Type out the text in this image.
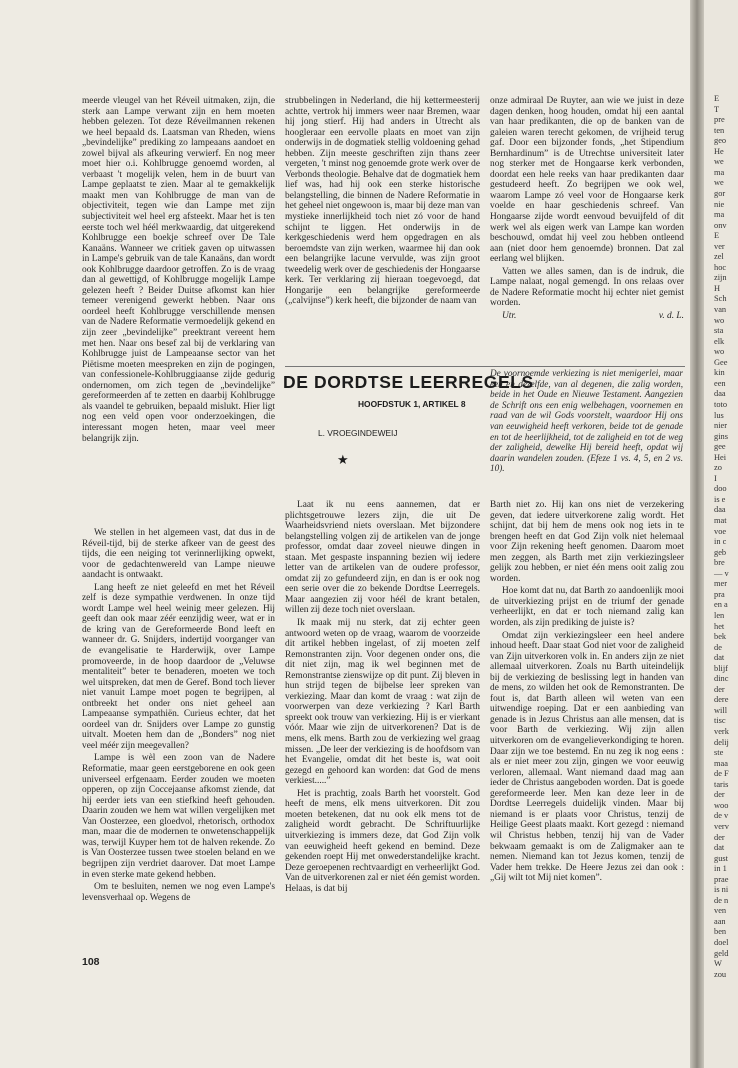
meerde vleugel van het Réveil uitmaken, zijn, die sterk aan Lampe verwant zijn en hem moeten hebben gelezen. Tot deze Réveilmannen rekenen we heel bepaald ds. Laatsman van Rheden, wiens „bevindelijke” prediking zo lampeaans aandoet en zowel bijval als afkeuring verwierf. En nog meer moet hier o.i. Kohlbrugge genoemd worden, al verbaast 't mogelijk velen, hem in de buurt van Lampe geplaatst te zien. Maar al te gemakkelijk maakt men van Kohlbrugge de man van de objectiviteit, tegen wie dan Lampe met zijn subjectiviteit wel heel erg afsteekt. Maar het is ten eerste toch wel héél merkwaardig, dat uitgerekend Kohlbrugge een boekje schreef over De Tale Kanaäns. Wanneer we critiek gaven op uitwassen in Lampe's gebruik van de tale Kanaäns, dan wordt ook Kohlbrugge daardoor getroffen. Zo is de vraag dan al gewettigd, of Kohlbrugge mogelijk Lampe gelezen heeft ? Beider Duitse afkomst kan hier temeer verenigend gewerkt hebben. Naar ons oordeel heeft Kohlbrugge verschillende mensen van de Nadere Reformatie vermoedelijk gekend en zijn zeer „bevindelijke” preektrant vereent hem met hen. Naar ons besef zal bij de verklaring van Kohlbrugge juist de Lampeaanse sector van het Piëtisme moeten meespreken en zijn de pogingen, van confessionele-Kohlbruggiaanse zijde gedurig ondernomen, om zich tegen de „bevindelijke” gereformeerden af te zetten en daarbij Kohlbrugge als vaandel te gebruiken, bepaald mislukt. Hier ligt nog een veld open voor onderzoekingen, die interessant mogen heten, maar veel meer belangrijk zijn.

We stellen in het algemeen vast, dat dus in de Réveil-tijd, bij de sterke afkeer van de geest des tijds, die een neiging tot verinnerlijking opwekt, voor de gedachtenwereld van Lampe nieuwe aandacht is ontwaakt.

Lang heeft ze niet geleefd en met het Réveil zelf is deze sympathie verdwenen. In onze tijd wordt Lampe wel heel weinig meer gelezen. Hij geeft dan ook maar zéér eenzijdig weer, wat er in de kring van de Gereformeerde Bond leeft en wanneer dr. G. Snijders, indertijd voorganger van de evangelisatie te Harderwijk, over Lampe promoveerde, in de hoop daardoor de „Veluwse mentaliteit” beter te benaderen, moeten we toch wel uitspreken, dat men de Geref. Bond toch liever niet vanuit Lampe moet pogen te begrijpen, al ontbreekt het onder ons niet geheel aan Lampeaanse sympathiën. Curieus echter, dat het oordeel van dr. Snijders over Lampe zo gunstig uitvalt. Moeten hem dan de „Bonders” nog niet veel méér zijn meegevallen?

Lampe is wèl een zoon van de Nadere Reformatie, maar geen eerstgeborene en ook geen universeel erfgenaam. Eerder zouden we moeten opperen, op zijn Coccejaanse afkomst ziende, dat hij eerder iets van een stiefkind heeft gehouden. Daarin zouden we hem wat willen vergelijken met Van Oosterzee, een gloedvol, rhetorisch, orthodox man, maar die de modernen te onwetenschappelijk was, terwijl Kuyper hem tot de halven rekende. Zo is Van Oosterzee tussen twee stoelen beland en we begrijpen zijn verdriet daarover. Dat moet Lampe in even sterke mate gekend hebben.

Om te besluiten, nemen we nog even Lampe's levensverhaal op. Wegens de

strubbelingen in Nederland, die hij kettermeesterij achtte, vertrok hij immers weer naar Bremen, waar hij jong stierf. Hij had anders in Utrecht als hoogleraar een eervolle plaats en moet van zijn onderwijs in de dogmatiek stellig voldoening gehad hebben. Zijn meeste geschriften zijn thans zeer vergeten, 't minst nog genoemde grote werk over de Verbonds theologie. Behalve dat de dogmatiek hem lief was, had hij ook een sterke historische belangstelling, die binnen de Nadere Reformatie in het geheel niet ongewoon is, maar bij deze man van mystieke innerlijkheid toch niet zó voor de hand schijnt te liggen. Het onderwijs in de kerkgeschiedenis werd hem opgedragen en als beroemdste van zijn werken, waarmee hij dan ook een belangrijke lacune vervulde, was zijn groot tweedelig werk over de geschiedenis der Hongaarse kerk. Ter verklaring zij hieraan toegevoegd, dat Hongarije een belangrijke gereformeerde („calvijnse”) kerk heeft, die bijzonder de naam van

onze admiraal De Ruyter, aan wie we juist in deze dagen denken, hoog houden, omdat hij een aantal van haar predikanten, die op de banken van de galeien waren terecht gekomen, de vrijheid terug gaf. Door een bijzonder fonds, „het Stipendium Bernhardinum” is de Utrechtse universiteit later nog sterker met de Hongaarse kerk verbonden, doordat een hele reeks van haar predikanten daar gestudeerd heeft. Zo begrijpen we ook wel, waarom Lampe zó veel voor de Hongaarse kerk voelde en haar geschiedenis schreef. Van Hongaarse zijde wordt eenvoud bevuijfeld of dit werk wel als eigen werk van Lampe kan worden beschouwd, omdat hij veel zou hebben ontleend aan (niet door hem genoemde) bronnen. Dat zal eerlang wel blijken.

Vatten we alles samen, dan is de indruk, die Lampe nalaat, nogal gemengd. In ons relaas over de Nadere Reformatie mocht hij echter niet gemist worden.

Utr.	v. d. L.

DE DORDTSE LEERREGELS
HOOFDSTUK 1, ARTIKEL 8
L. VROEGINDEWEIJ
★
De voornoemde verkiezing is niet menigerlei, maar een en dezelfde, van al degenen, die zalig worden, beide in het Oude en Nieuwe Testament. Aangezien de Schrift ons een enig welbehagen, voornemen en raad van de wil Gods voorstelt, waardoor Hij ons van eeuwigheid heeft verkoren, beide tot de genade en tot de heerlijkheid, tot de zaligheid en tot de weg der zaligheid, dewelke Hij bereid heeft, opdat wij daarin wandelen zouden. (Efeze 1 vs. 4, 5, en 2 vs. 10).

Laat ik nu eens aannemen, dat er plichtsgetrouwe lezers zijn, die uit De Waarheidsvriend niets overslaan. Met bijzondere belangstelling volgen zij de artikelen van de jonge professor, omdat daar zoveel nieuwe dingen in staan. Met gespaste inspanning bezien wij iedere letter van de artikelen van de oudere professor, omdat zij zo gefundeerd zijn, en dan is er ook nog een serie over die zo bekende Dordtse Leerregels. Maar aangezien zij voor héél de krant betalen, willen zij deze toch niet overslaan.

Ik maak mij nu sterk, dat zij echter geen antwoord weten op de vraag, waarom de voorzeide dit artikel hebben ingelast, of zij moeten zelf Remonstranten zijn. Voor degenen onder ons, die dit niet zijn, mag ik wel beginnen met de Remonstrantse zienswijze op dit punt. Zij bleven in hun strijd tegen de bijbelse leer spreken van verkiezing. Maar dan komt de vraag : wat zijn de voorwerpen van deze verkiezing ? Karl Barth spreekt ook trouw van verkiezing. Hij is er vierkant vóór. Maar wie zijn de uitverkorenen? Dat is de mens, elk mens. Barth zou de verkiezing wel graag missen. „De leer der verkiezing is de hoofdsom van het Evangelie, omdat dit het beste is, wat ooit gezegd en gehoord kan worden: dat God de mens verkiest.....”

Het is prachtig, zoals Barth het voorstelt. God heeft de mens, elk mens uitverkoren. Dit zou moeten betekenen, dat nu ook elk mens tot de zaligheid wordt gebracht. De Schriftuurlijke uitverkiezing is immers deze, dat God Zijn volk van eeuwigheid heeft gekend en bemind. Deze gekenden roept Hij met onwederstandelijke kracht. Deze geroepenen rechtvaardigt en verheerlijkt God. Van de uitverkorenen zal er niet één gemist worden. Helaas, is dat bij

Barth niet zo. Hij kan ons niet de verzekering geven, dat iedere uitverkorene zalig wordt. Het schijnt, dat bij hem de mens ook nog iets in te brengen heeft en dat God Zijn volk niet helemaal voor Zijn rekening heeft genomen. Daarom moet men zeggen, als Barth met zijn verkiezingsleer gelijk zou hebben, er niet één mens ooit zalig zou worden.

Hoe komt dat nu, dat Barth zo aandoenlijk mooi de uitverkiezing prijst en de triumf der genade verheerlijkt, en dat er toch niemand zalig kan worden, als zijn prediking de juiste is?

Omdat zijn verkiezingsleer een heel andere inhoud heeft. Daar staat God niet voor de zaligheid van Zijn uitverkoren volk in. En anders zijn ze niet allemaal uitverkoren. Zoals nu Barth uiteindelijk bij de verkiezing de beslissing legt in handen van de mens, zo wilden het ook de Remonstranten. De fout is, dat Barth alleen wil weten van een uitwendige roeping. Dat er een aanbieding van genade is in Jezus Christus aan alle mensen, dat is voor Barth de verkiezing. Wij zijn allen uitverkoren om de evangelieverkondiging te horen. Daar zijn we toe bestemd. En nu zeg ik nog eens : als er niet meer zou zijn, gingen we voor eeuwig verloren, allemaal. Want niemand daad mag aan ieder de Christus aangeboden worden. Dat is goede gereformeerde leer. Men kan deze leer in de Dordtse Leerregels duidelijk vinden. Maar bij niemand is er plaats voor Christus, tenzij de Heilige Geest plaats maakt. Kort gezegd : niemand wil Christus hebben, tenzij hij van de Vader bekwaam gemaakt is om de Zaligmaker aan te nemen. Niemand kan tot Jezus komen, tenzij de Vader hem trekke. De Heere Jezus zei dan ook : „Gij wilt tot Mij niet komen”.

108
E
T
pre
ten
geo
He
we
ma
we
gor
nie
ma
onv
E
ver
zel
hoc
zijn
H
Sch
van
wo
sta
elk
wo
Gee
kin
een
daa
toto
lus
nier
gins
gee
Hei
zo
I
doo
is e
daa
mat
voe
in c
geb
bre
— v
mer
pra
en a
len
het
bek
de
dat
blijf
dinc
der
dere
will
tisc
verk
delij
ste
maa
de F
taris
der
woo
de v
verv
der
dat
gust
in 1
prae
is ni
de n
ven
aan
ben
doel
geld
W
zou
